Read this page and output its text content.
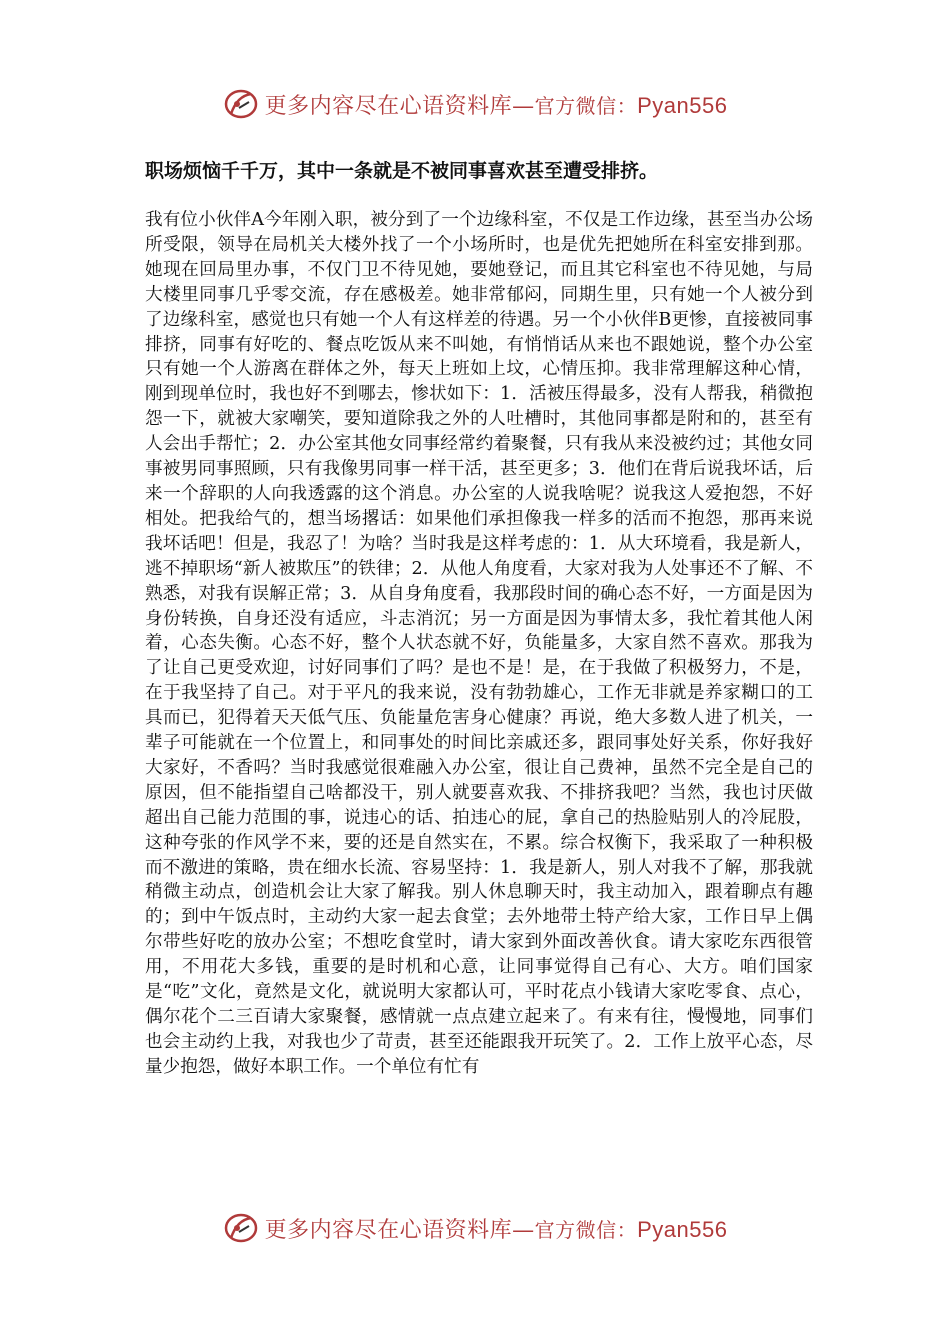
更多内容尽在心语资料库—官方微信：Pyan556
职场烦恼千千万，其中一条就是不被同事喜欢甚至遭受排挤。

我有位小伙伴A今年刚入职，被分到了一个边缘科室，不仅是工作边缘，甚至当办公场所受限，领导在局机关大楼外找了一个小场所时，也是优先把她所在科室安排到那。她现在回局里办事，不仅门卫不待见她，要她登记，而且其它科室也不待见她，与局大楼里同事几乎零交流，存在感极差。她非常郁闷，同期生里，只有她一个人被分到了边缘科室，感觉也只有她一个人有这样差的待遇。另一个小伙伴B更惨，直接被同事排挤，同事有好吃的、餐点吃饭从来不叫她，有悄悄话从来也不跟她说，整个办公室只有她一个人游离在群体之外，每天上班如上坟，心情压抑。我非常理解这种心情，刚到现单位时，我也好不到哪去，惨状如下：1．活被压得最多，没有人帮我，稍微抱怨一下，就被大家嘲笑，要知道除我之外的人吐槽时，其他同事都是附和的，甚至有人会出手帮忙；2．办公室其他女同事经常约着聚餐，只有我从来没被约过；其他女同事被男同事照顾，只有我像男同事一样干活，甚至更多；3．他们在背后说我坏话，后来一个辞职的人向我透露的这个消息。办公室的人说我啥呢？说我这人爱抱怨，不好相处。把我给气的，想当场撂话：如果他们承担像我一样多的活而不抱怨，那再来说我坏话吧！但是，我忍了！为啥？当时我是这样考虑的：1．从大环境看，我是新人，逃不掉职场“新人被欺压”的铁律；2．从他人角度看，大家对我为人处事还不了解、不熟悉，对我有误解正常；3．从自身角度看，我那段时间的确心态不好，一方面是因为身份转换，自身还没有适应，斗志消沉；另一方面是因为事情太多，我忙着其他人闲着，心态失衡。心态不好，整个人状态就不好，负能量多，大家自然不喜欢。那我为了让自己更受欢迎，讨好同事们了吗？是也不是！是，在于我做了积极努力，不是，在于我坚持了自己。对于平凡的我来说，没有勃勃雄心，工作无非就是养家糊口的工具而已，犯得着天天低气压、负能量危害身心健康？再说，绝大多数人进了机关，一辈子可能就在一个位置上，和同事处的时间比亲戚还多，跟同事处好关系，你好我好大家好，不香吗？当时我感觉很难融入办公室，很让自己费神，虽然不完全是自己的原因，但不能指望自己啥都没干，别人就要喜欢我、不排挤我吧？当然，我也讨厌做超出自己能力范围的事，说违心的话、拍违心的屁，拿自己的热脸贴别人的冷屁股，这种夸张的作风学不来，要的还是自然实在，不累。综合权衡下，我采取了一种积极而不激进的策略，贵在细水长流、容易坚持：1．我是新人，别人对我不了解，那我就稍微主动点，创造机会让大家了解我。别人休息聊天时，我主动加入，跟着聊点有趣的；到中午饭点时，主动约大家一起去食堂；去外地带土特产给大家，工作日早上偶尔带些好吃的放办公室；不想吃食堂时，请大家到外面改善伙食。请大家吃东西很管用，不用花大多钱，重要的是时机和心意，让同事觉得自己有心、大方。咱们国家是“吃”文化，竟然是文化，就说明大家都认可，平时花点小钱请大家吃零食、点心，偶尔花个二三百请大家聚餐，感情就一点点建立起来了。有来有往，慢慢地，同事们也会主动约上我，对我也少了苛责，甚至还能跟我开玩笑了。2．工作上放平心态，尽量少抱怨，做好本职工作。一个单位有忙有

更多内容尽在心语资料库—官方微信：Pyan556
